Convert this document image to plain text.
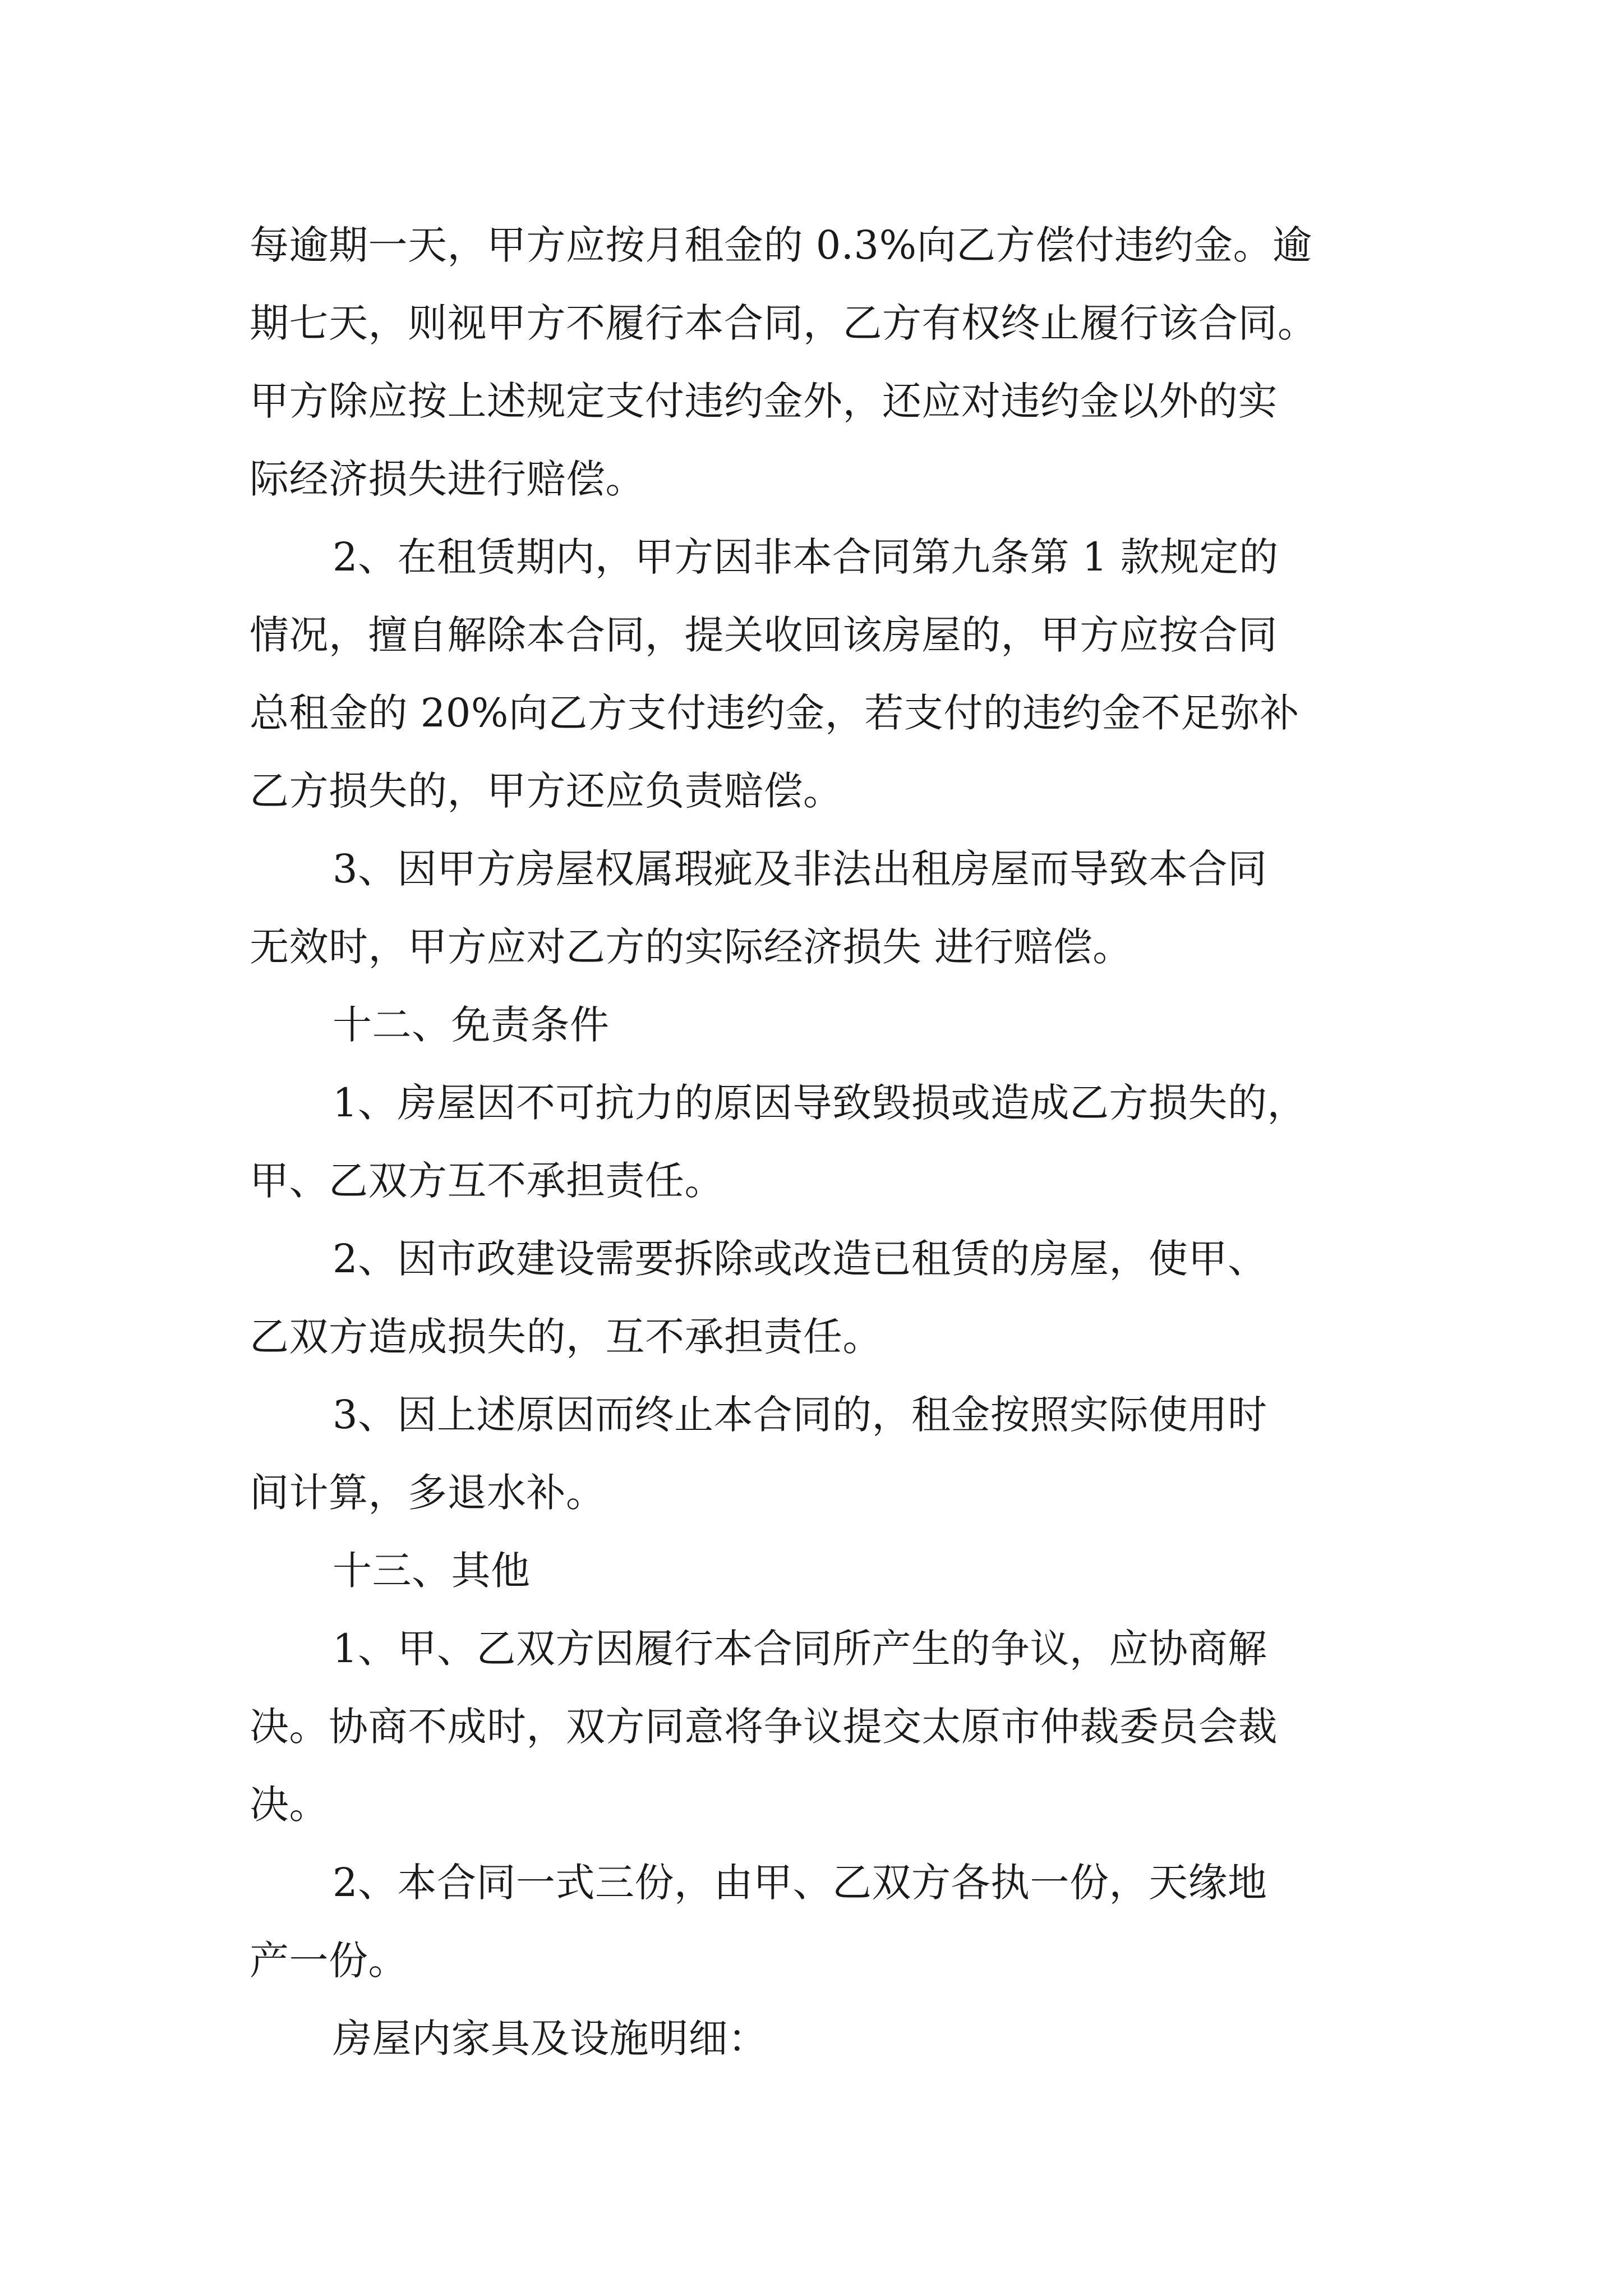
每逾期一天，甲方应按月租金的 0.3%向乙方偿付违约金。逾
期七天，则视甲方不履行本合同，乙方有权终止履行该合同。
甲方除应按上述规定支付违约金外，还应对违约金以外的实
际经济损失进行赔偿。
2、在租赁期内，甲方因非本合同第九条第 1 款规定的
情况，擅自解除本合同，提关收回该房屋的，甲方应按合同
总租金的 20%向乙方支付违约金，若支付的违约金不足弥补
乙方损失的，甲方还应负责赔偿。
3、因甲方房屋权属瑕疵及非法出租房屋而导致本合同
无效时，甲方应对乙方的实际经济损失 进行赔偿。
十二、免责条件
1、房屋因不可抗力的原因导致毁损或造成乙方损失的，
甲、乙双方互不承担责任。
2、因市政建设需要拆除或改造已租赁的房屋，使甲、
乙双方造成损失的，互不承担责任。
3、因上述原因而终止本合同的，租金按照实际使用时
间计算，多退水补。
十三、其他
1、甲、乙双方因履行本合同所产生的争议，应协商解
决。协商不成时，双方同意将争议提交太原市仲裁委员会裁
决。
2、本合同一式三份，由甲、乙双方各执一份，天缘地
产一份。
房屋内家具及设施明细：
